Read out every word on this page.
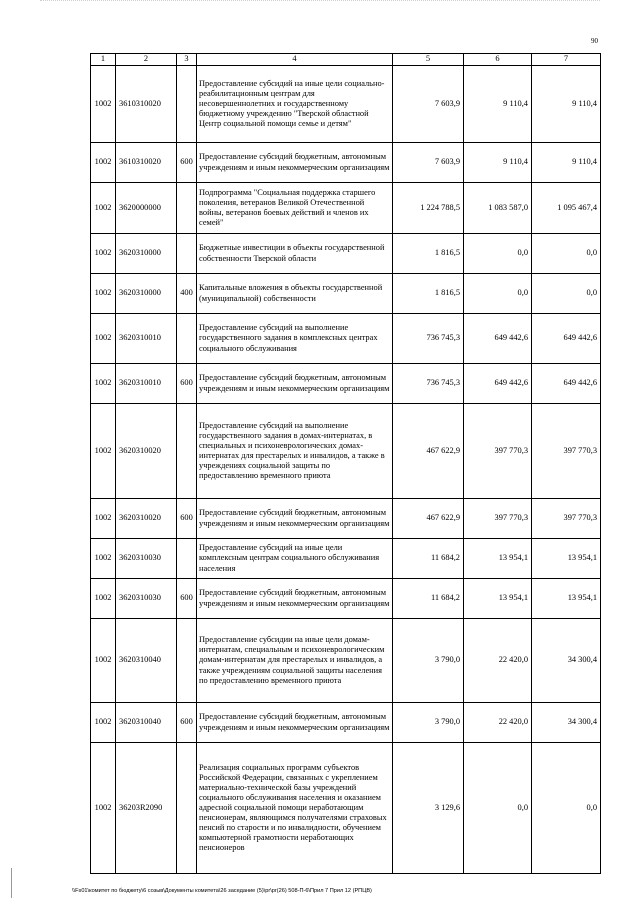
90
1	2	3	4	5	6	7
1002	3610310020		Предоставление субсидий на иные цели социально-реабилитационным центрам для несовершеннолетних и государственному бюджетному учреждению "Тверской областной Центр социальной помощи семье и детям"	7 603,9	9 110,4	9 110,4
1002	3610310020	600	Предоставление субсидий бюджетным, автономным учреждениям и иным некоммерческим организациям	7 603,9	9 110,4	9 110,4
1002	3620000000		Подпрограмма "Социальная поддержка старшего поколения, ветеранов Великой Отечественной войны, ветеранов боевых действий и членов их семей"	1 224 788,5	1 083 587,0	1 095 467,4
1002	3620310000		Бюджетные инвестиции в объекты государственной собственности Тверской области	1 816,5	0,0	0,0
1002	3620310000	400	Капитальные вложения в объекты государственной (муниципальной) собственности	1 816,5	0,0	0,0
1002	3620310010		Предоставление субсидий на выполнение государственного задания в комплексных центрах социального обслуживания	736 745,3	649 442,6	649 442,6
1002	3620310010	600	Предоставление субсидий бюджетным, автономным учреждениям и иным некоммерческим организациям	736 745,3	649 442,6	649 442,6
1002	3620310020		Предоставление субсидий на выполнение государственного задания в домах-интернатах, в специальных и психоневрологических домах-интернатах для престарелых и инвалидов, а также в учреждениях социальной защиты по предоставлению временного приюта	467 622,9	397 770,3	397 770,3
1002	3620310020	600	Предоставление субсидий бюджетным, автономным учреждениям и иным некоммерческим организациям	467 622,9	397 770,3	397 770,3
1002	3620310030		Предоставление субсидий на иные цели комплексным центрам социального обслуживания населения	11 684,2	13 954,1	13 954,1
1002	3620310030	600	Предоставление субсидий бюджетным, автономным учреждениям и иным некоммерческим организациям	11 684,2	13 954,1	13 954,1
1002	3620310040		Предоставление субсидии на иные цели домам-интернатам, специальным и психоневрологическим домам-интернатам для престарелых и инвалидов, а также учреждениям социальной защиты населения по предоставлению временного приюта	3 790,0	22 420,0	34 300,4
1002	3620310040	600	Предоставление субсидий бюджетным, автономным учреждениям и иным некоммерческим организациям	3 790,0	22 420,0	34 300,4
1002	36203R2090		Реализация социальных программ субъектов Российской Федерации, связанных с укреплением материально-технической базы учреждений социального обслуживания населения и оказанием адресной социальной помощи неработающим пенсионерам, являющимся получателями страховых пенсий по старости и по инвалидности, обучением компьютерной грамотности неработающих пенсионеров	3 129,6	0,0	0,0
\\Fs01\комитет по бюджету\6 созыв\Документы комитета\26 заседание (5)\pr\pr(26) 508-П-6\Прил 7 Прил 12 (РПЦВ)
